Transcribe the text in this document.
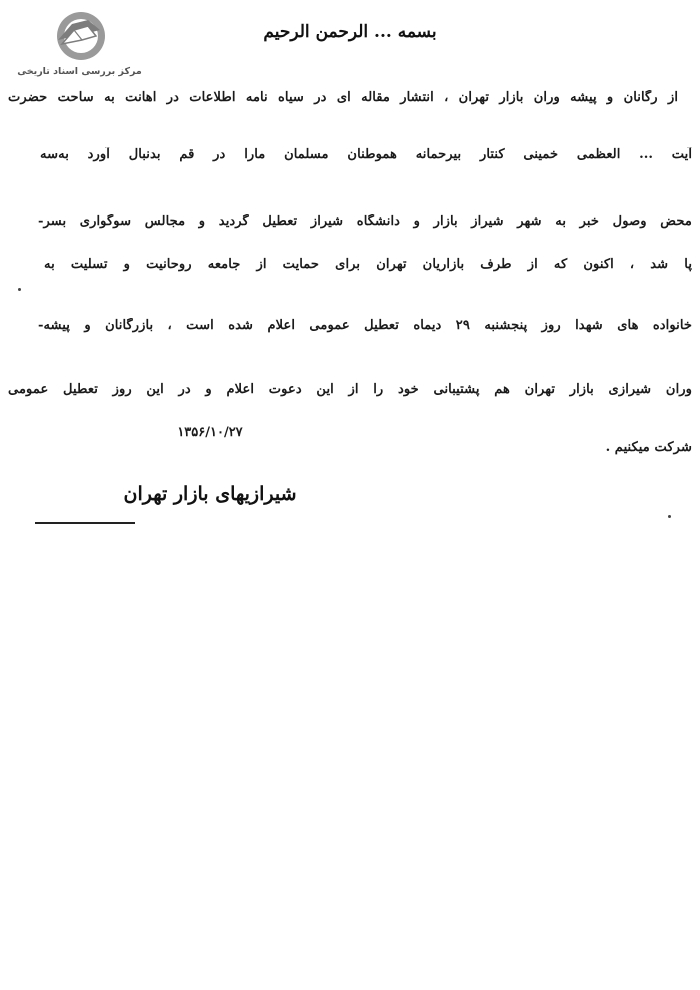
مرکز بررسی اسناد تاریخی
بسمه ... الرحمن الرحیم
از رگانان و پیشه وران بازار تهران ، انتشار مقاله ای در سیاه نامه اطلاعات در اهانت به ساحت حضرت
آیت ... العظمی خمینی کنتار بیرحمانه هموطنان مسلمان مارا در قم بدنبال آورد به‌سه
محض وصول خبر به شهر شیراز بازار و دانشگاه شیراز تعطیل گردید و مجالس سوگواری بسر-
پا شد ، اکنون که از طرف بازاریان تهران برای حمایت از جامعه روحانیت و تسلیت به
خانواده های شهدا روز پنجشنبه ۲۹ دیماه تعطیل عمومی اعلام شده است ، بازرگانان و پیشه-
وران شیرازی بازار تهران هم پشتیبانی خود را از این دعوت اعلام و در این روز تعطیل عمومی
شرکت میکنیم .
۱۳۵۶/۱۰/۲۷
شیرازیهای بازار تهران
